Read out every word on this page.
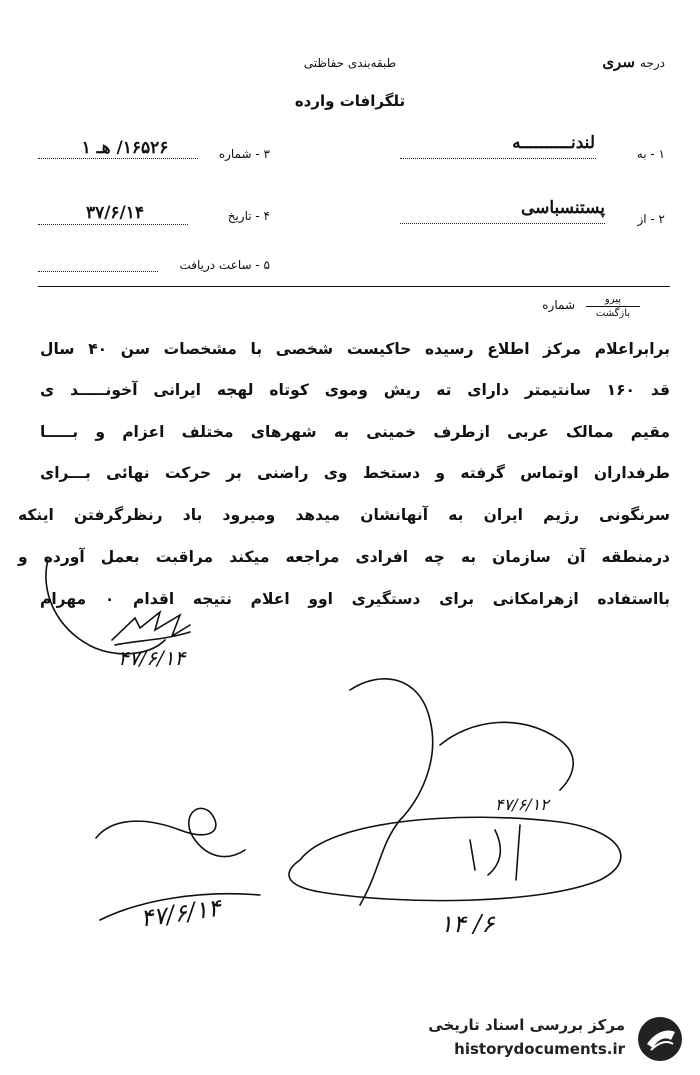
طبقه‌بندی حفاظتی	درجه سری
تلگرافات وارده
۱ - به
لندنــــــــــه
۳ - شماره
۱۶۵۲۶/ هـ ۱
۲ - از
پستنسباسی
۴ - تاریخ
۳۷/۶/۱۴
۵ - ساعت دریافت
پیرو
بازگشت
شماره
برابراعلام مرکز اطلاع رسیده حاکیست شخصی با مشخصات سن ۴۰ سال
قد ۱۶۰ سانتیمتر دارای ته ریش وموی کوتاه لهجه ایرانی آخونـــــد ی
مقیم ممالک عربی ازطرف خمینی به شهرهای مختلف اعزام و بـــــا
طرفداران اوتماس گرفته و دستخط وی راضنی بر حرکت نهائی بـــرای
سرنگونی رژیم ایران به آنهانشان میدهد ومیرود باد رنظرگرفتن اینکه
درمنطقه آن سازمان به چه افرادی مراجعه میکند مراقبت بعمل آورده و
بااستفاده ازهرامکانی برای دستگیری اوو اعلام نتیجه اقدام ۰ مهرام
۴۷/۶/۱۴
۴۷/۶/۱۲
۴۷/۶/۱۴	۱۴ /۶
مرکز بررسی اسناد تاریخی
historydocuments.ir
